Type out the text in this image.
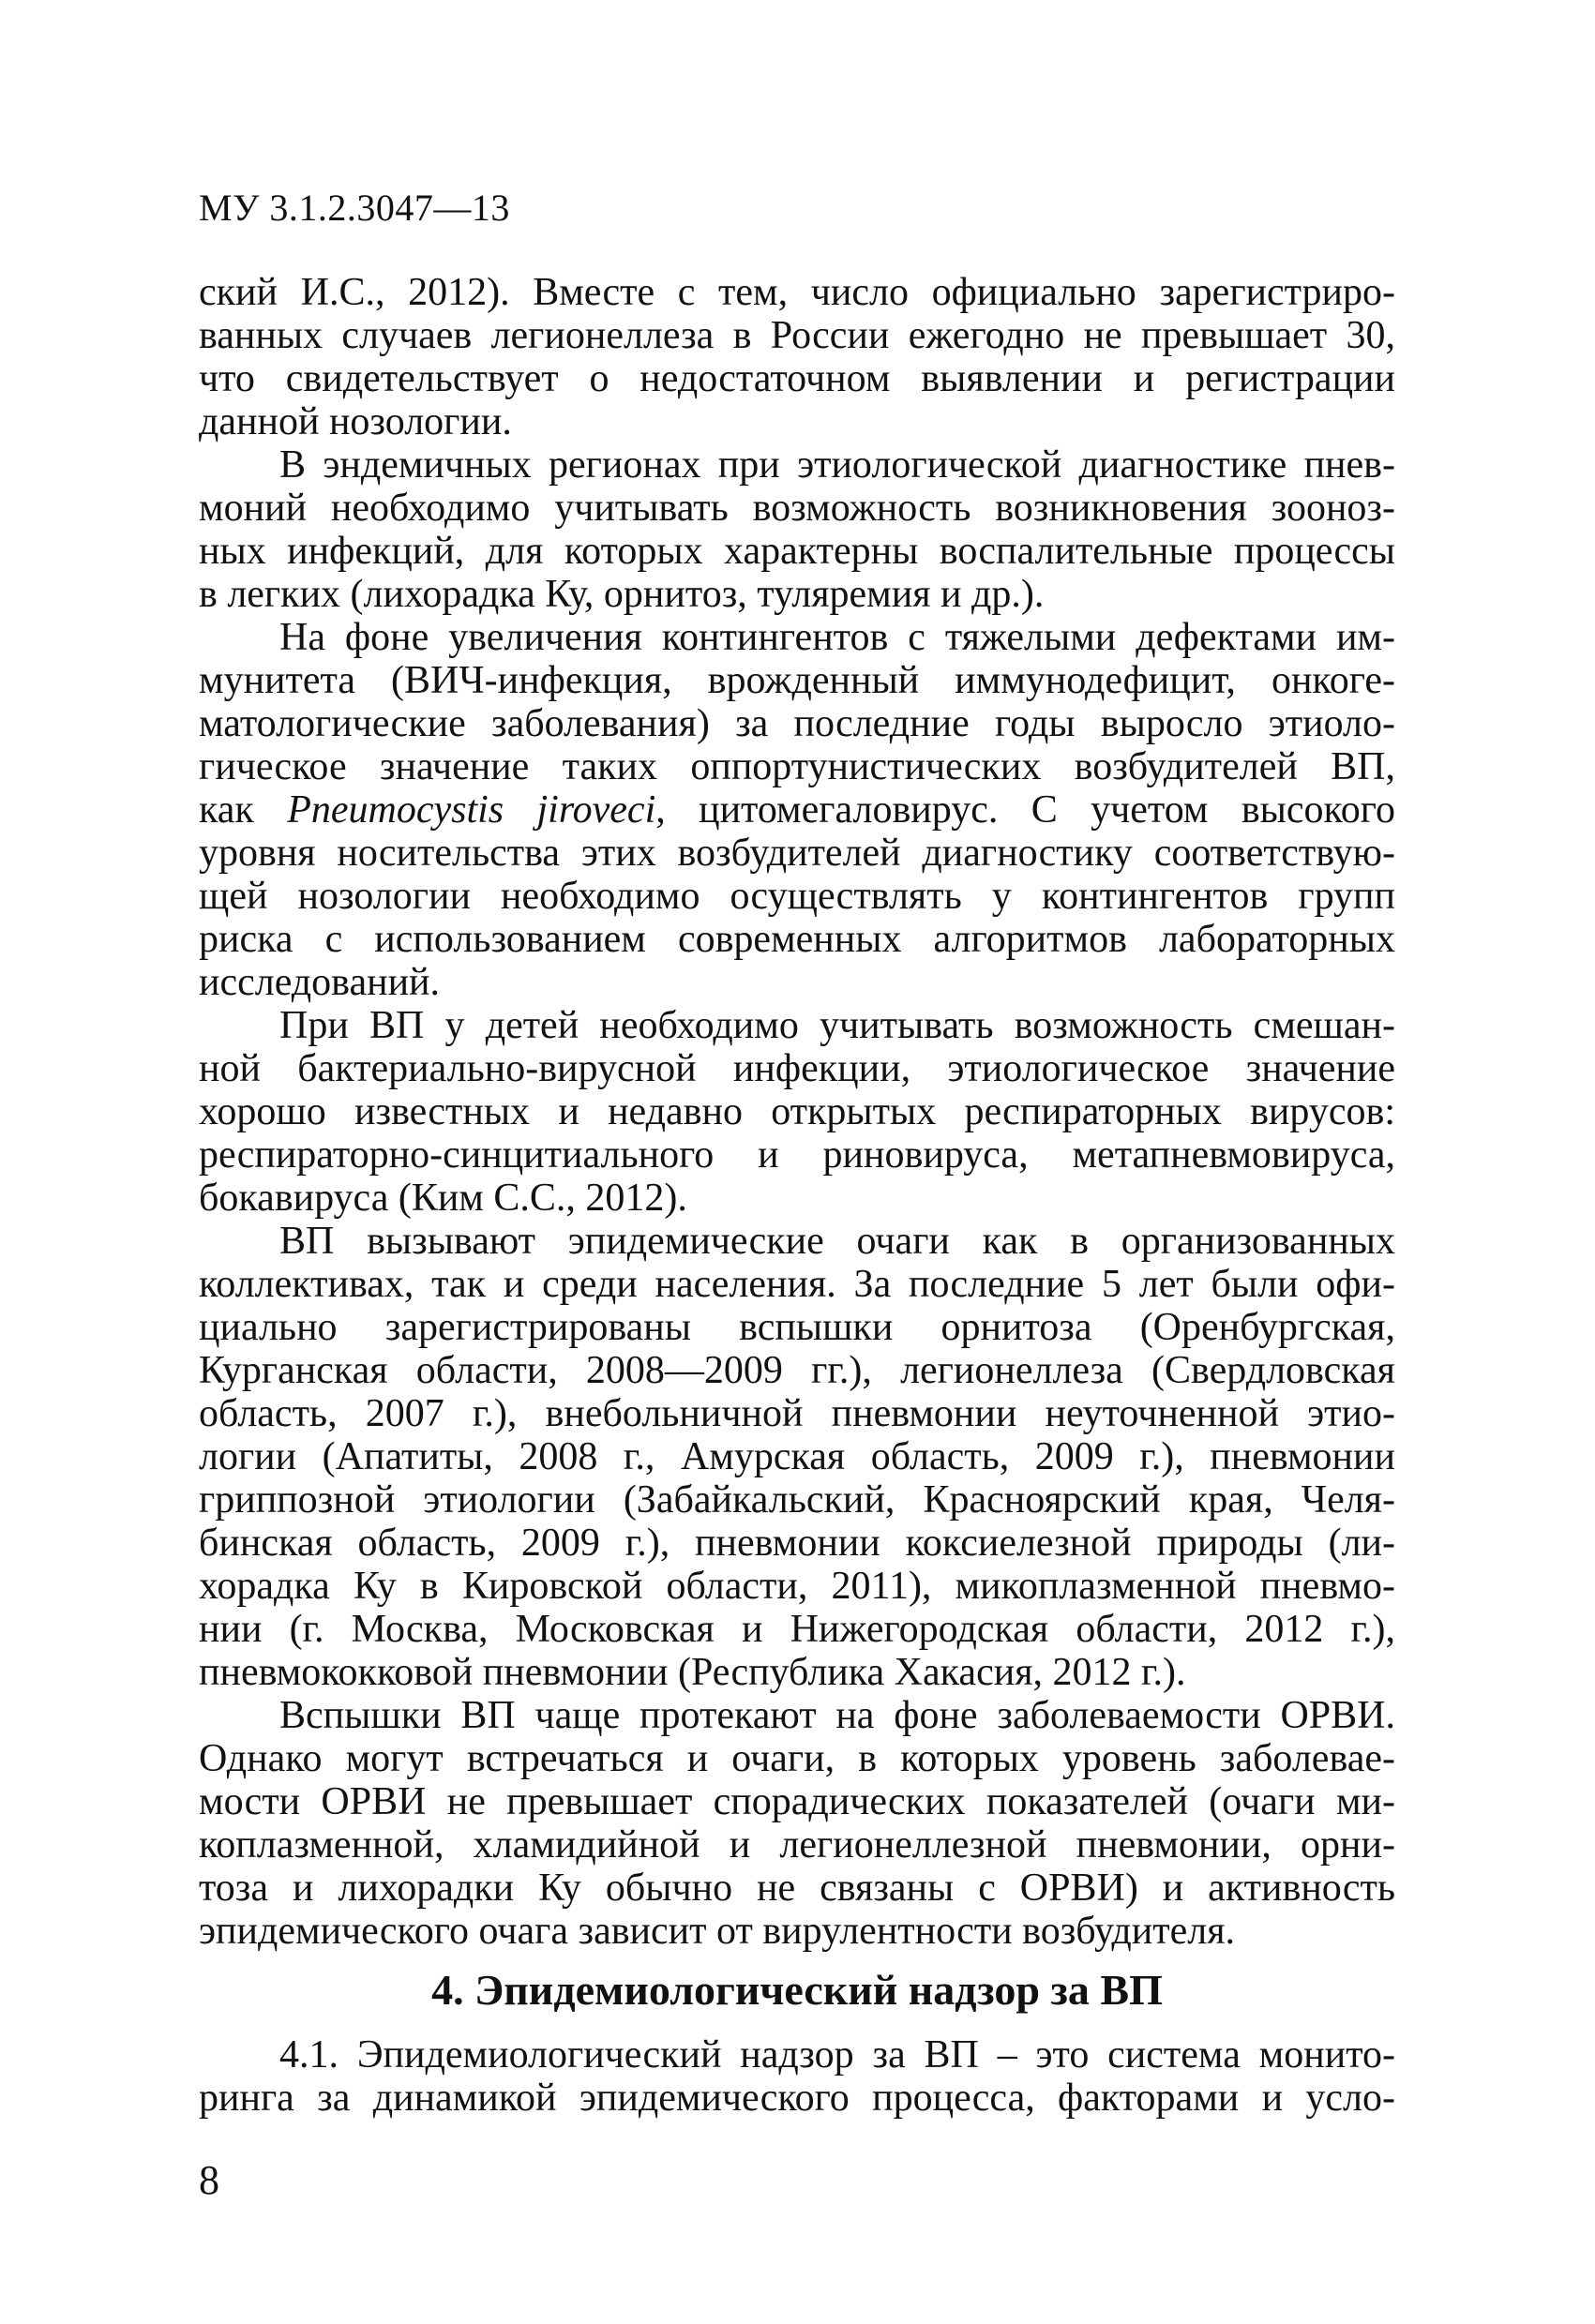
МУ 3.1.2.3047—13
ский И.С., 2012). Вместе с тем, число официально зарегистриро-
ванных случаев легионеллеза в России ежегодно не превышает 30,
что свидетельствует о недостаточном выявлении и регистрации
данной нозологии.
В эндемичных регионах при этиологической диагностике пнев-
моний необходимо учитывать возможность возникновения зооноз-
ных инфекций, для которых характерны воспалительные процессы
в легких (лихорадка Ку, орнитоз, туляремия и др.).
На фоне увеличения контингентов с тяжелыми дефектами им-
мунитета (ВИЧ-инфекция, врожденный иммунодефицит, онкоге-
матологические заболевания) за последние годы выросло этиоло-
гическое значение таких оппортунистических возбудителей ВП,
как Pneumocystis jiroveci, цитомегаловирус. С учетом высокого
уровня носительства этих возбудителей диагностику соответствую-
щей нозологии необходимо осуществлять у контингентов групп
риска с использованием современных алгоритмов лабораторных
исследований.
При ВП у детей необходимо учитывать возможность смешан-
ной бактериально-вирусной инфекции, этиологическое значение
хорошо известных и недавно открытых респираторных вирусов:
респираторно-синцитиального и риновируса, метапневмовируса,
бокавируса (Ким С.С., 2012).
ВП вызывают эпидемические очаги как в организованных
коллективах, так и среди населения. За последние 5 лет были офи-
циально зарегистрированы вспышки орнитоза (Оренбургская,
Курганская области, 2008—2009 гг.), легионеллеза (Свердловская
область, 2007 г.), внебольничной пневмонии неуточненной этио-
логии (Апатиты, 2008 г., Амурская область, 2009 г.), пневмонии
гриппозной этиологии (Забайкальский, Красноярский края, Челя-
бинская область, 2009 г.), пневмонии коксиелезной природы (ли-
хорадка Ку в Кировской области, 2011), микоплазменной пневмо-
нии (г. Москва, Московская и Нижегородская области, 2012 г.),
пневмококковой пневмонии (Республика Хакасия, 2012 г.).
Вспышки ВП чаще протекают на фоне заболеваемости ОРВИ.
Однако могут встречаться и очаги, в которых уровень заболевае-
мости ОРВИ не превышает спорадических показателей (очаги ми-
коплазменной, хламидийной и легионеллезной пневмонии, орни-
тоза и лихорадки Ку обычно не связаны с ОРВИ) и активность
эпидемического очага зависит от вирулентности возбудителя.
4. Эпидемиологический надзор за ВП
4.1. Эпидемиологический надзор за ВП – это система монито-
ринга за динамикой эпидемического процесса, факторами и усло-
8
